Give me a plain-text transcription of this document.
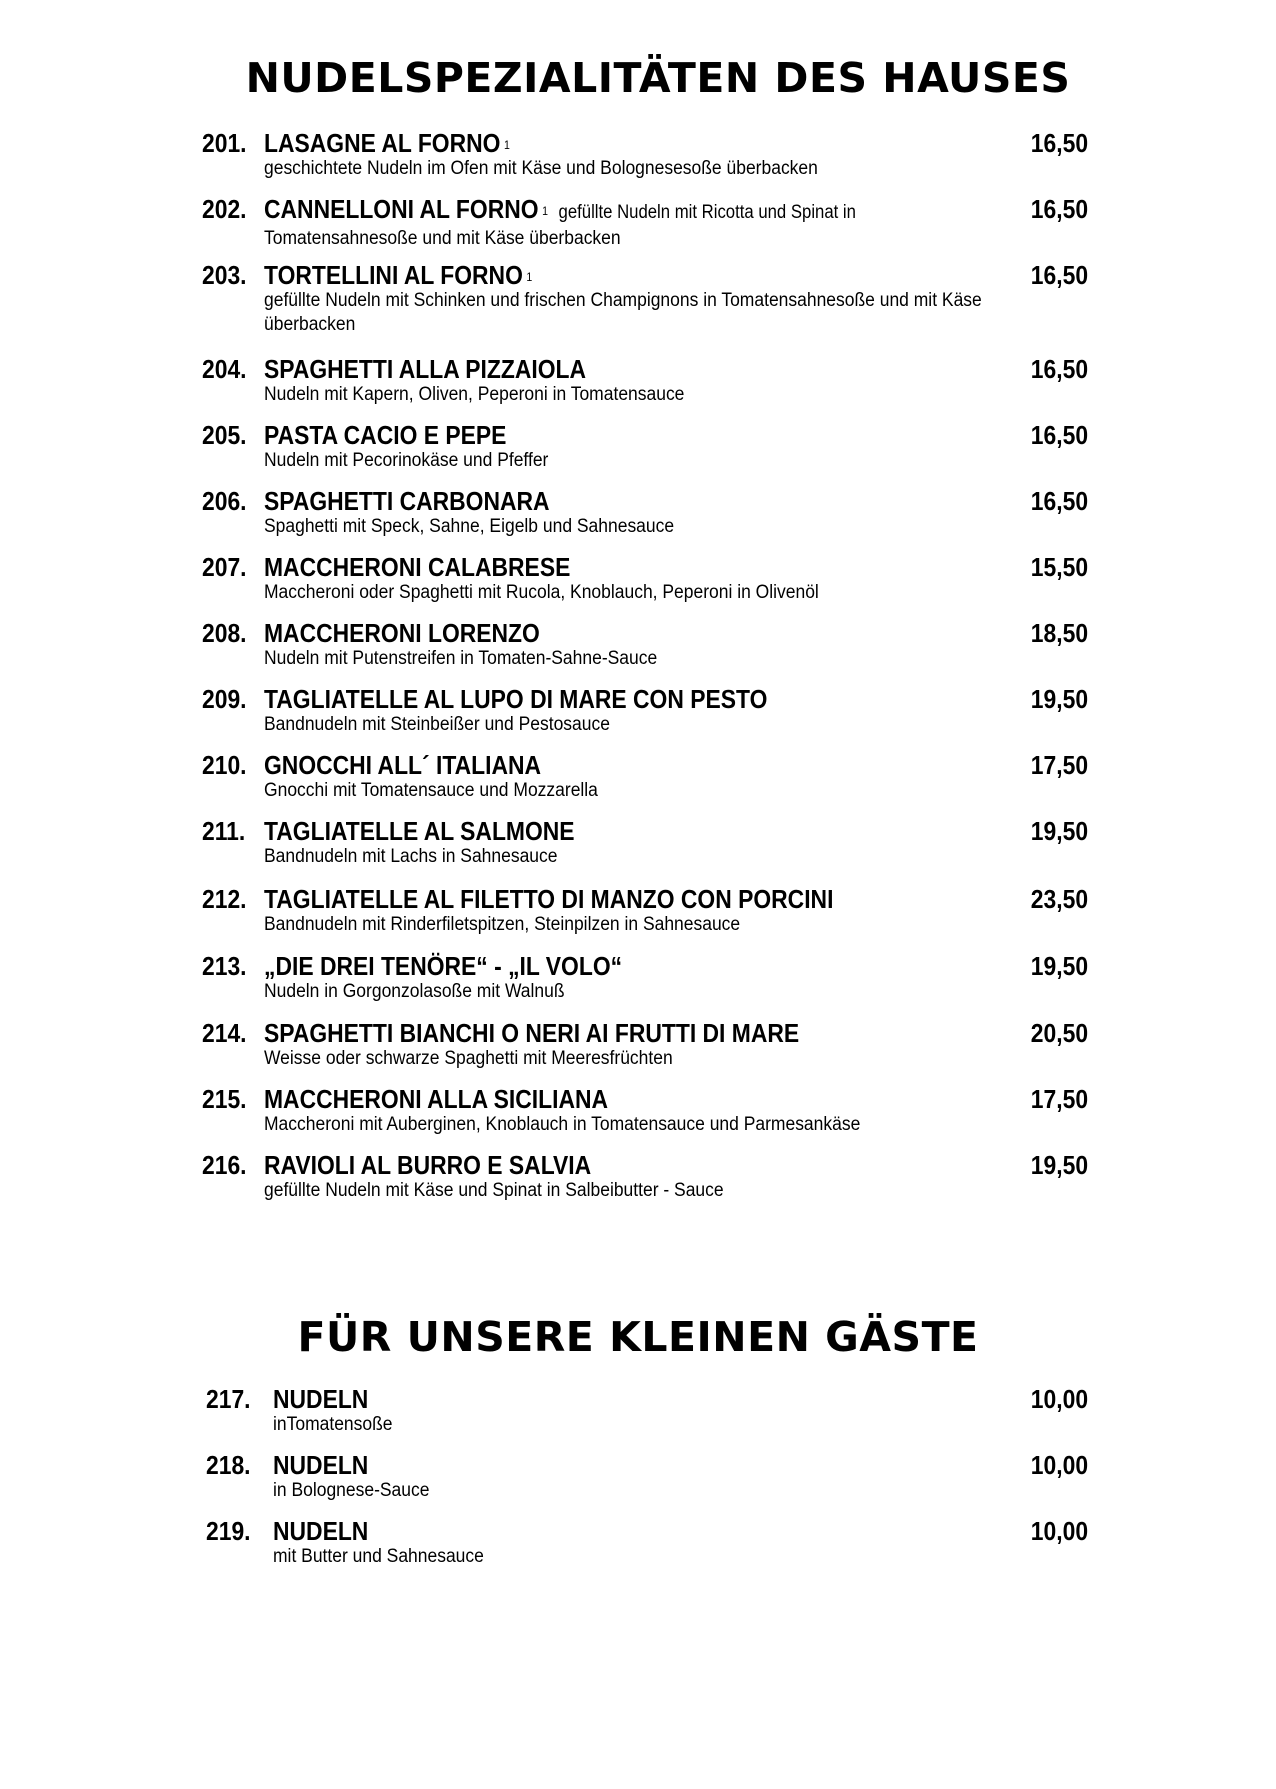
NUDELSPEZIALITÄTEN DES HAUSES
201. LASAGNE AL FORNO $^1$
geschichtete Nudeln im Ofen mit Käse und Bolognesesoße überbacken
16,50
202. CANNELLONI AL FORNO $^1$ gefüllte Nudeln mit Ricotta und Spinat in
Tomatensahnesoße und mit Käse überbacken
16,50
203. TORTELLINI AL FORNO $^1$
gefüllte Nudeln mit Schinken und frischen Champignons in Tomatensahnesoße und mit Käse überbacken
16,50
204. SPAGHETTI ALLA PIZZAIOLA
Nudeln mit Kapern, Oliven, Peperoni in Tomatensauce
16,50
205. PASTA CACIO E PEPE
Nudeln mit Pecorinokäse und Pfeffer
16,50
206. SPAGHETTI CARBONARA
Spaghetti mit Speck, Sahne, Eigelb und Sahnesauce
16,50
207. MACCHERONI CALABRESE
Maccheroni oder Spaghetti mit Rucola, Knoblauch, Peperoni in Olivenöl
15,50
208. MACCHERONI LORENZO
Nudeln mit Putenstreifen in Tomaten-Sahne-Sauce
18,50
209. TAGLIATELLE AL LUPO DI MARE CON PESTO
Bandnudeln mit Steinbeißer und Pestosauce
19,50
210. GNOCCHI ALL´ ITALIANA
Gnocchi mit Tomatensauce und Mozzarella
17,50
211. TAGLIATELLE AL SALMONE
Bandnudeln mit Lachs in Sahnesauce
19,50
212. TAGLIATELLE AL FILETTO DI MANZO CON PORCINI
Bandnudeln mit Rinderfiletspitzen, Steinpilzen in Sahnesauce
23,50
213. „DIE DREI TENÖRE“ - „IL VOLO“
Nudeln in Gorgonzolasoße mit Walnuß
19,50
214. SPAGHETTI BIANCHI O NERI AI FRUTTI DI MARE
Weisse oder schwarze Spaghetti mit Meeresfrüchten
20,50
215. MACCHERONI ALLA SICILIANA
Maccheroni mit Auberginen, Knoblauch in Tomatensauce und Parmesankäse
17,50
216. RAVIOLI AL BURRO E SALVIA
gefüllte Nudeln mit Käse und Spinat in Salbeibutter - Sauce
19,50
FÜR UNSERE KLEINEN GÄSTE
217. NUDELN
inTomatensoße
10,00
218. NUDELN
in Bolognese-Sauce
10,00
219. NUDELN
mit Butter und Sahnesauce
10,00
